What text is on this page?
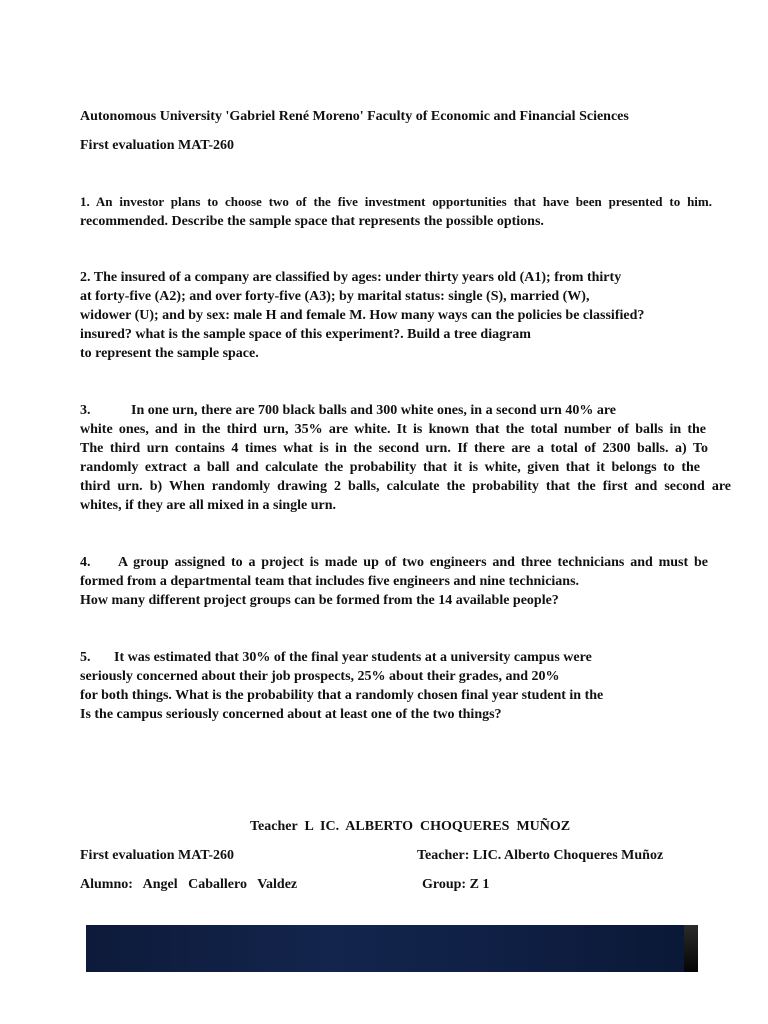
Autonomous University 'Gabriel René Moreno' Faculty of Economic and Financial Sciences
First evaluation MAT-260
1. An investor plans to choose two of the five investment opportunities that have been presented to him.
recommended. Describe the sample space that represents the possible options.
2. The insured of a company are classified by ages: under thirty years old (A1); from thirty
at forty-five (A2); and over forty-five (A3); by marital status: single (S), married (W),
widower (U); and by sex: male H and female M. How many ways can the policies be classified?
insured? what is the sample space of this experiment?. Build a tree diagram
to represent the sample space.
3.	In one urn, there are 700 black balls and 300 white ones, in a second urn 40% are
white ones, and in the third urn, 35% are white. It is known that the total number of balls in the
The third urn contains 4 times what is in the second urn. If there are a total of 2300 balls. a) To
randomly extract a ball and calculate the probability that it is white, given that it belongs to the
third urn. b) When randomly drawing 2 balls, calculate the probability that the first and second are
whites, if they are all mixed in a single urn.
4. A group assigned to a project is made up of two engineers and three technicians and must be
formed from a departmental team that includes five engineers and nine technicians.
How many different project groups can be formed from the 14 available people?
5. It was estimated that 30% of the final year students at a university campus were
seriously concerned about their job prospects, 25% about their grades, and 20%
for both things. What is the probability that a randomly chosen final year student in the
Is the campus seriously concerned about at least one of the two things?
Teacher  L  IC.  ALBERTO  CHOQUERES  MUÑOZ
First evaluation MAT-260	Teacher: LIC. Alberto Choqueres Muñoz
Alumno:   Angel   Caballero   Valdez	Group: Z 1
